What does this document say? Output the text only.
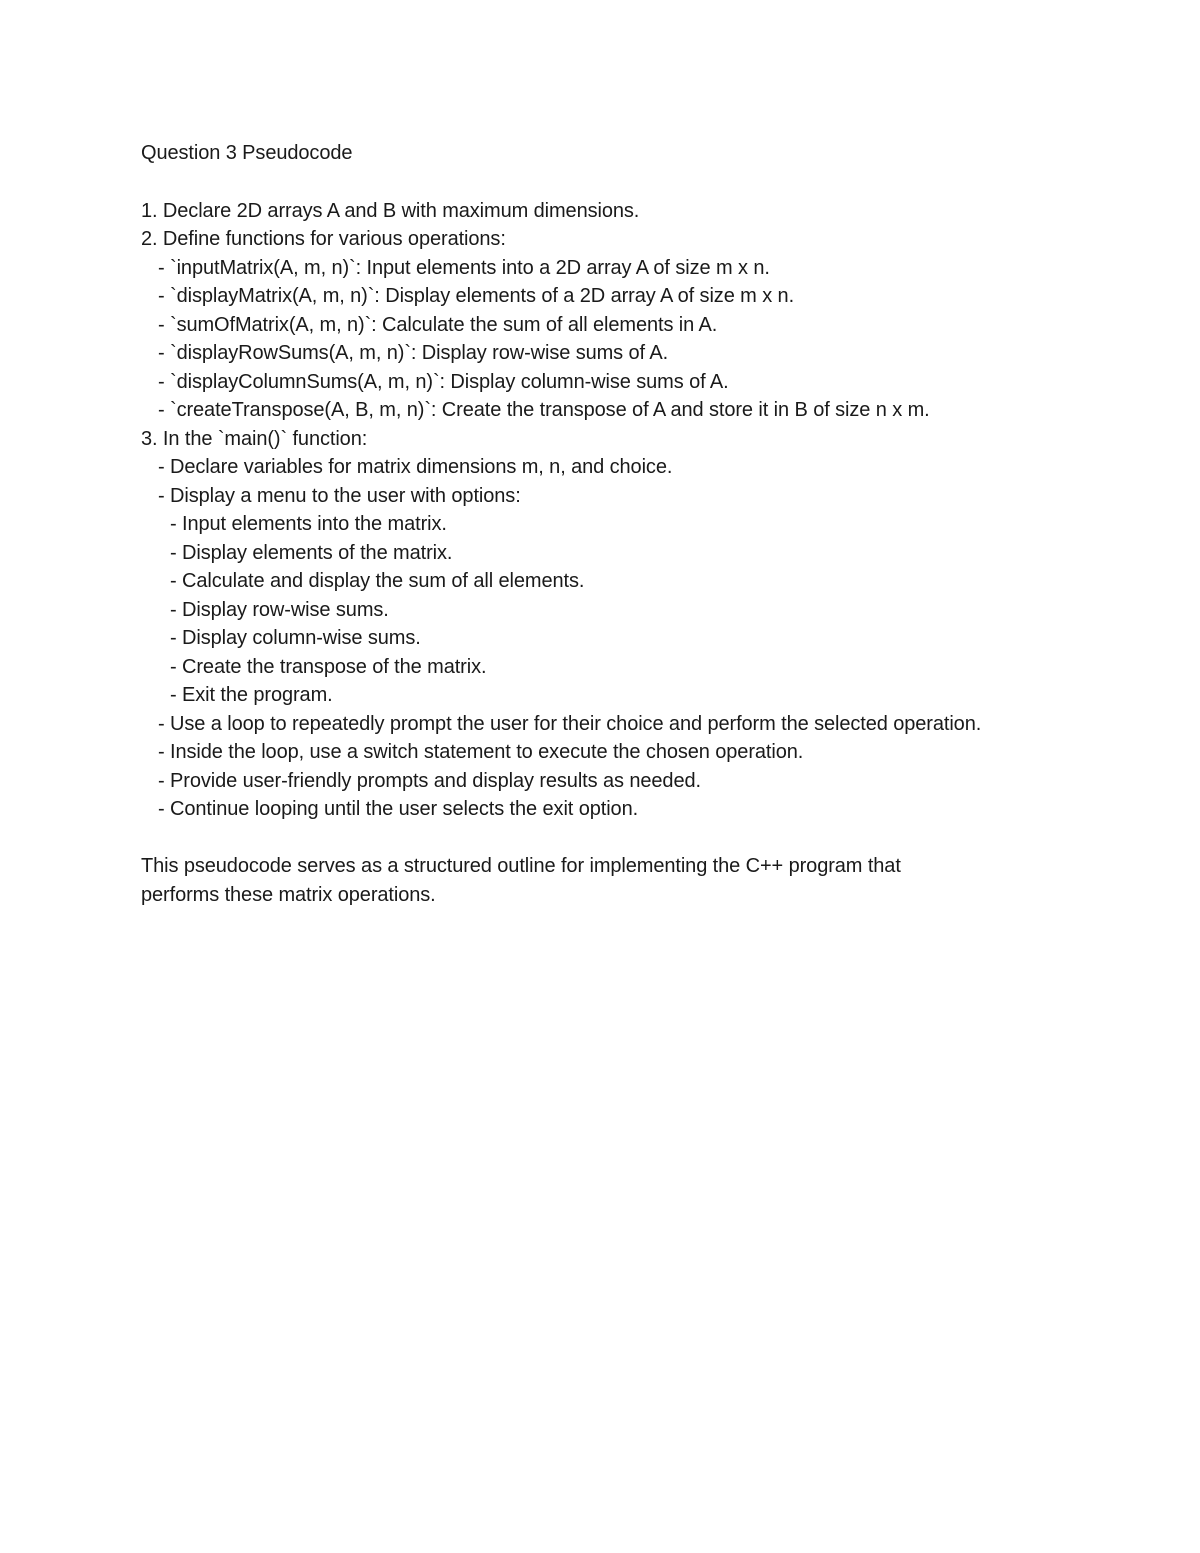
Question 3 Pseudocode
1. Declare 2D arrays A and B with maximum dimensions.
2. Define functions for various operations:
- `inputMatrix(A, m, n)`: Input elements into a 2D array A of size m x n.
- `displayMatrix(A, m, n)`: Display elements of a 2D array A of size m x n.
- `sumOfMatrix(A, m, n)`: Calculate the sum of all elements in A.
- `displayRowSums(A, m, n)`: Display row-wise sums of A.
- `displayColumnSums(A, m, n)`: Display column-wise sums of A.
- `createTranspose(A, B, m, n)`: Create the transpose of A and store it in B of size n x m.
3. In the `main()` function:
- Declare variables for matrix dimensions m, n, and choice.
- Display a menu to the user with options:
- Input elements into the matrix.
- Display elements of the matrix.
- Calculate and display the sum of all elements.
- Display row-wise sums.
- Display column-wise sums.
- Create the transpose of the matrix.
- Exit the program.
- Use a loop to repeatedly prompt the user for their choice and perform the selected operation.
- Inside the loop, use a switch statement to execute the chosen operation.
- Provide user-friendly prompts and display results as needed.
- Continue looping until the user selects the exit option.
This pseudocode serves as a structured outline for implementing the C++ program that
performs these matrix operations.
